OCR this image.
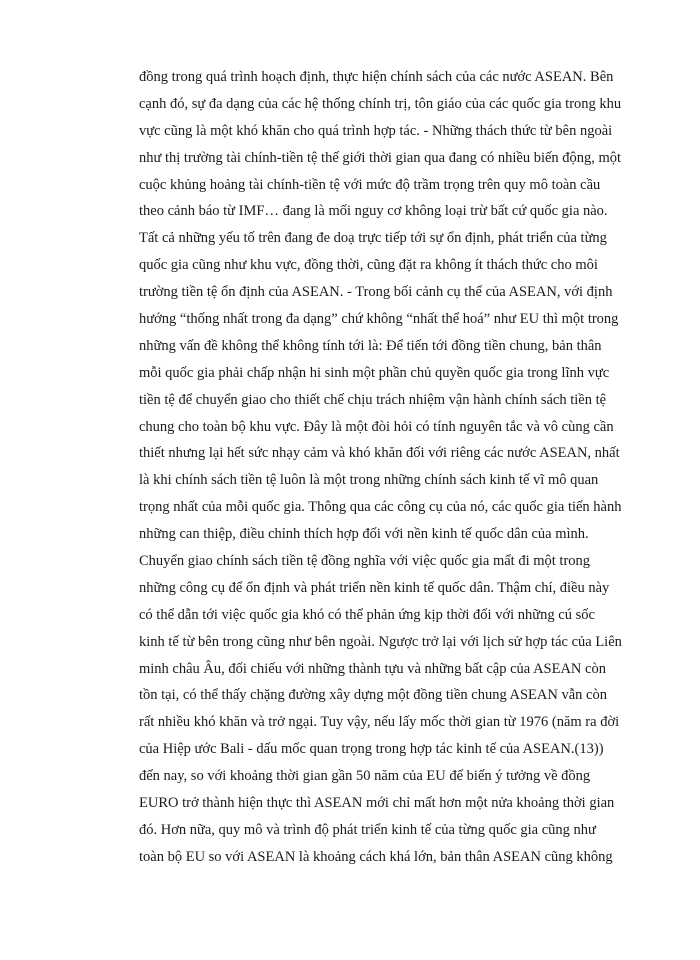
đồng trong quá trình hoạch định, thực hiện chính sách của các nước ASEAN. Bên
cạnh đó, sự đa dạng của các hệ thống chính trị, tôn giáo của các quốc gia trong khu
vực cũng là một khó khăn cho quá trình hợp tác. - Những thách thức từ bên ngoài
như thị trường tài chính-tiền tệ thế giới thời gian qua đang có nhiều biến động, một
cuộc khủng hoảng tài chính-tiền tệ với mức độ trầm trọng trên quy mô toàn cầu
theo cảnh báo từ IMF… đang là mối nguy cơ không loại trừ bất cứ quốc gia nào.
Tất cả những yếu tố trên đang đe doạ trực tiếp tới sự ổn định, phát triển của từng
quốc gia cũng như khu vực, đồng thời, cũng đặt ra không ít thách thức cho môi
trường tiền tệ ổn định của ASEAN. - Trong bối cảnh cụ thể của ASEAN, với định
hướng “thống nhất trong đa dạng” chứ không “nhất thể hoá” như EU thì một trong
những vấn đề không thể không tính tới là: Để tiến tới đồng tiền chung, bản thân
mỗi quốc gia phải chấp nhận hi sinh một phần chủ quyền quốc gia trong lĩnh vực
tiền tệ để chuyển giao cho thiết chế chịu trách nhiệm vận hành chính sách tiền tệ
chung cho toàn bộ khu vực. Đây là một đòi hỏi có tính nguyên tắc và vô cùng cần
thiết nhưng lại hết sức nhạy cảm và khó khăn đối với riêng các nước ASEAN, nhất
là khi chính sách tiền tệ luôn là một trong những chính sách kinh tế vĩ mô quan
trọng nhất của mỗi quốc gia. Thông qua các công cụ của nó, các quốc gia tiến hành
những can thiệp, điều chỉnh thích hợp đối với nền kinh tế quốc dân của mình.
Chuyển giao chính sách tiền tệ đồng nghĩa với việc quốc gia mất đi một trong
những công cụ để ổn định và phát triển nền kinh tế quốc dân. Thậm chí, điều này
có thể dẫn tới việc quốc gia khó có thể phản ứng kịp thời đối với những cú sốc
kinh tế từ bên trong cũng như bên ngoài. Ngược trở lại với lịch sử hợp tác của Liên
minh châu Âu, đối chiếu với những thành tựu và những bất cập của ASEAN còn
tồn tại, có thể thấy chặng đường xây dựng một đồng tiền chung ASEAN vẫn còn
rất nhiều khó khăn và trở ngại. Tuy vậy, nếu lấy mốc thời gian từ 1976 (năm ra đời
của Hiệp ước Bali - dấu mốc quan trọng trong hợp tác kinh tế của ASEAN.(13))
đến nay, so với khoảng thời gian gần 50 năm của EU để biến ý tưởng về đồng
EURO trở thành hiện thực thì ASEAN mới chỉ mất hơn một nửa khoảng thời gian
đó. Hơn nữa, quy mô và trình độ phát triển kinh tế của từng quốc gia cũng như
toàn bộ EU so với ASEAN là khoảng cách khá lớn, bản thân ASEAN cũng không
